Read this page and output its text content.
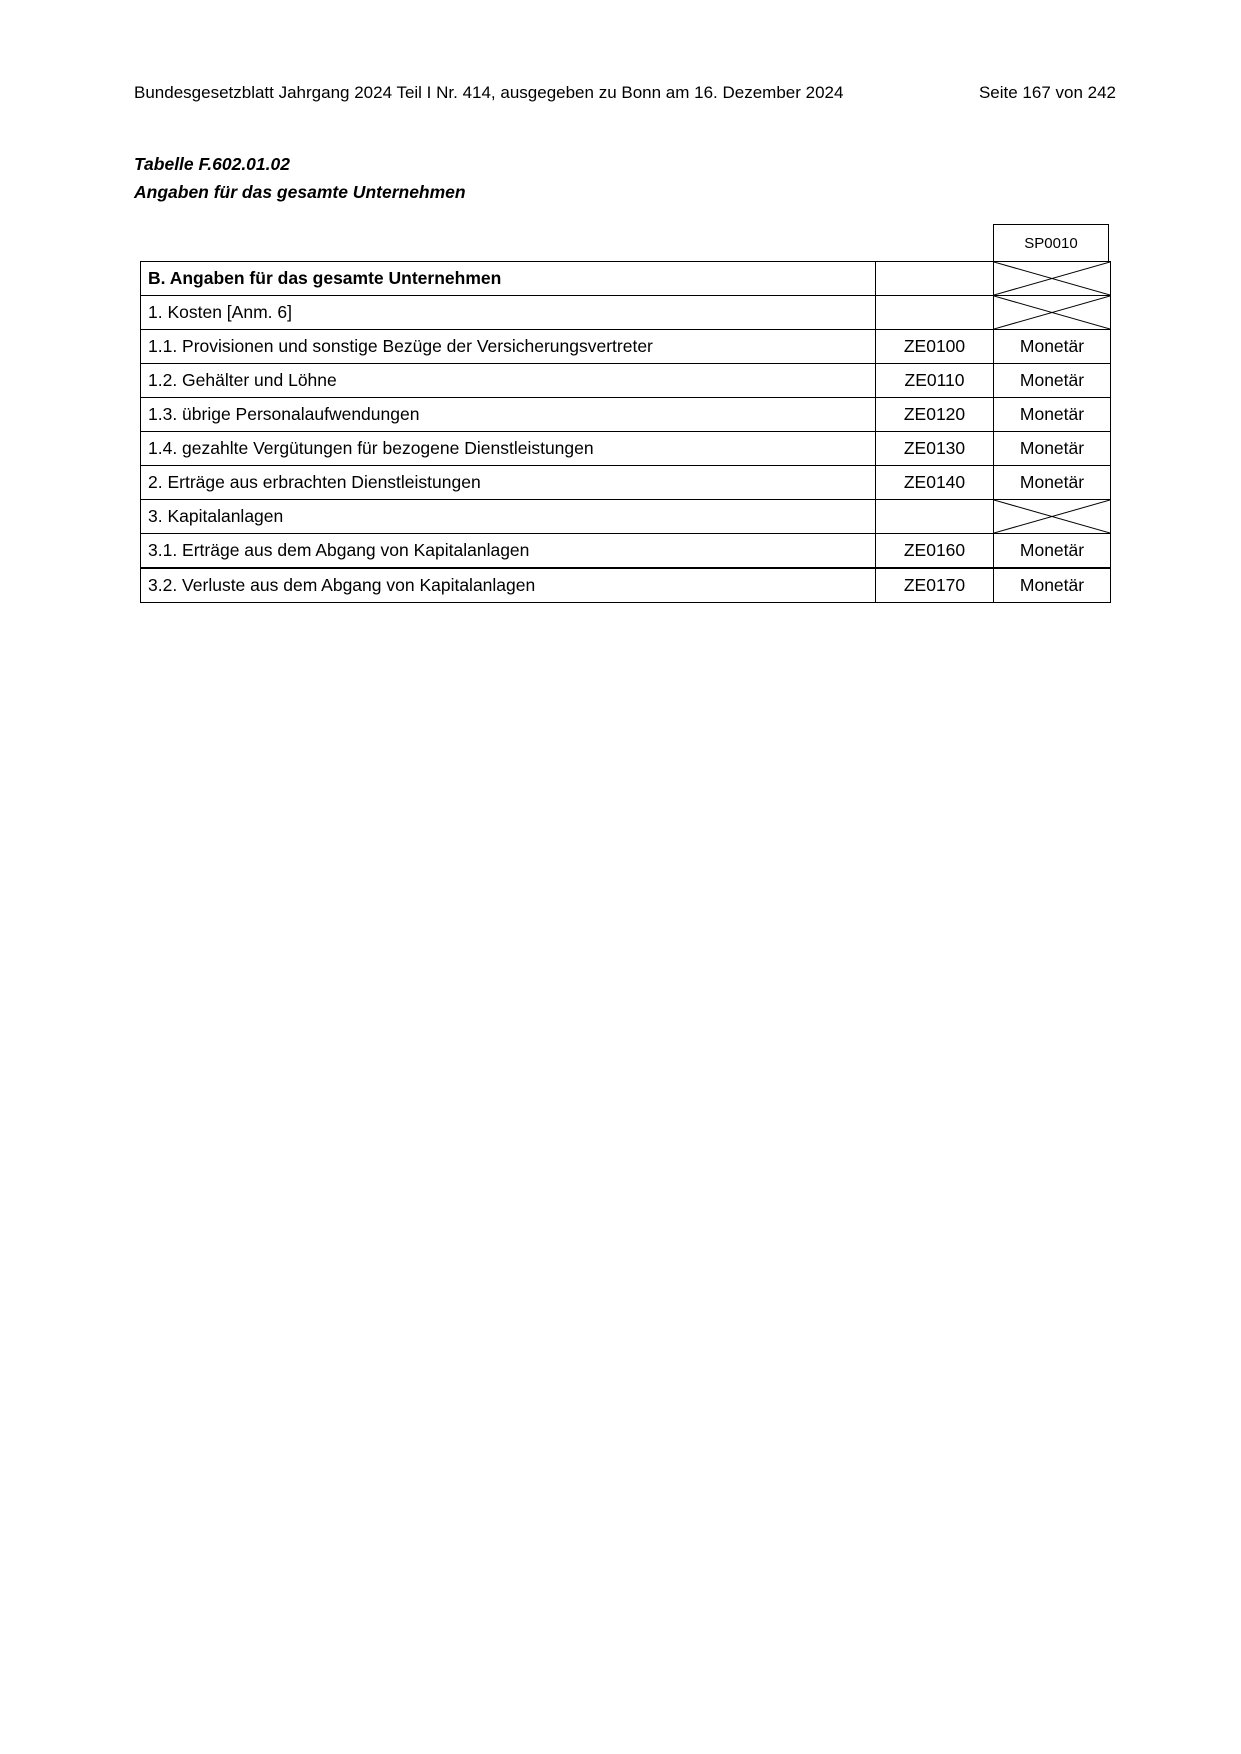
Bundesgesetzblatt Jahrgang 2024 Teil I Nr. 414, ausgegeben zu Bonn am 16. Dezember 2024	Seite 167 von 242
Tabelle F.602.01.02
Angaben für das gesamte Unternehmen
SP0010
B. Angaben für das gesamte Unternehmen		

1. Kosten [Anm. 6]		

1.1. Provisionen und sonstige Bezüge der Versicherungsvertreter	ZE0100	Monetär
1.2. Gehälter und Löhne	ZE0110	Monetär
1.3. übrige Personalaufwendungen	ZE0120	Monetär
1.4. gezahlte Vergütungen für bezogene Dienstleistungen	ZE0130	Monetär
2. Erträge aus erbrachten Dienstleistungen	ZE0140	Monetär
3. Kapitalanlagen		

3.1. Erträge aus dem Abgang von Kapitalanlagen	ZE0160	Monetär
3.2. Verluste aus dem Abgang von Kapitalanlagen	ZE0170	Monetär
